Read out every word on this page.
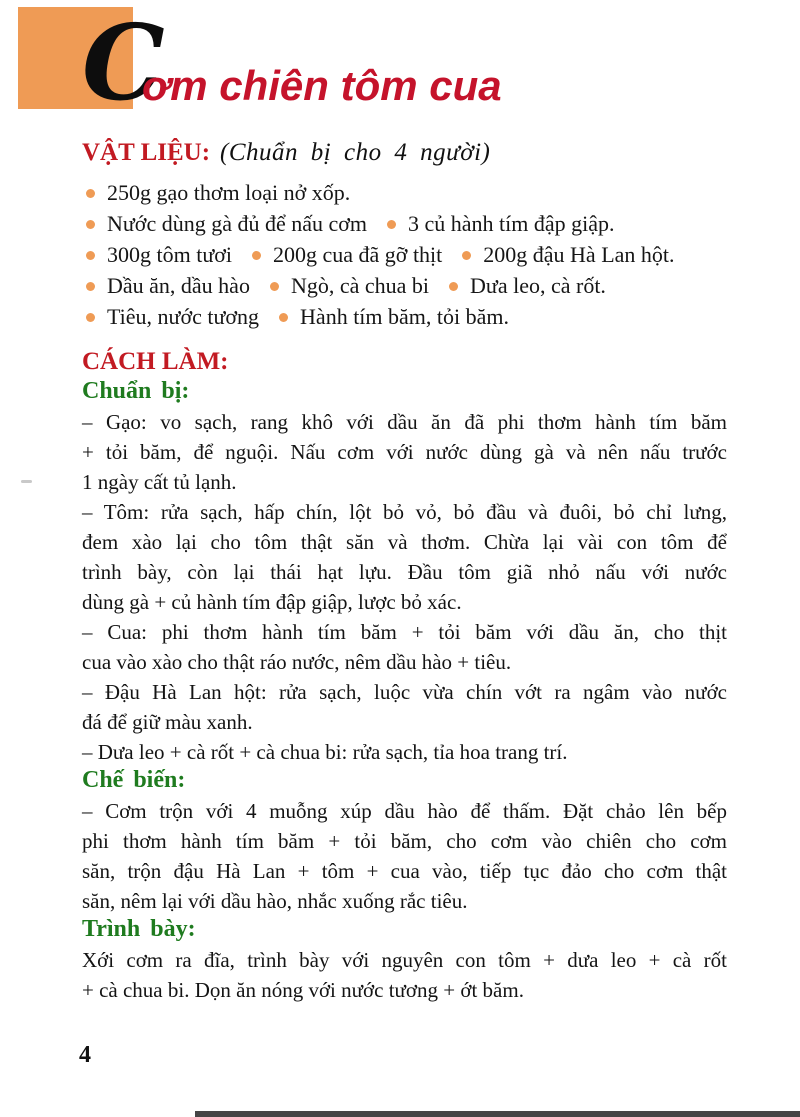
C
ơm chiên tôm cua
VẬT LIỆU: (Chuẩn bị cho 4 người)
250g gạo thơm loại nở xốp.
Nước dùng gà đủ để nấu cơm 3 củ hành tím đập giập.
300g tôm tươi 200g cua đã gỡ thịt 200g đậu Hà Lan hột.
Dầu ăn, dầu hào Ngò, cà chua bi Dưa leo, cà rốt.
Tiêu, nước tương Hành tím băm, tỏi băm.
CÁCH LÀM:
Chuẩn bị:
– Gạo: vo sạch, rang khô với dầu ăn đã phi thơm hành tím băm
+ tỏi băm, để nguội. Nấu cơm với nước dùng gà và nên nấu trước
1 ngày cất tủ lạnh.
– Tôm: rửa sạch, hấp chín, lột bỏ vỏ, bỏ đầu và đuôi, bỏ chỉ lưng,
đem xào lại cho tôm thật săn và thơm. Chừa lại vài con tôm để
trình bày, còn lại thái hạt lựu. Đầu tôm giã nhỏ nấu với nước
dùng gà + củ hành tím đập giập, lược bỏ xác.
– Cua: phi thơm hành tím băm + tỏi băm với dầu ăn, cho thịt
cua vào xào cho thật ráo nước, nêm dầu hào + tiêu.
– Đậu Hà Lan hột: rửa sạch, luộc vừa chín vớt ra ngâm vào nước
đá để giữ màu xanh.
– Dưa leo + cà rốt + cà chua bi: rửa sạch, tỉa hoa trang trí.
Chế biến:
– Cơm trộn với 4 muỗng xúp dầu hào để thấm. Đặt chảo lên bếp
phi thơm hành tím băm + tỏi băm, cho cơm vào chiên cho cơm
săn, trộn đậu Hà Lan + tôm + cua vào, tiếp tục đảo cho cơm thật
săn, nêm lại với dầu hào, nhắc xuống rắc tiêu.
Trình bày:
Xới cơm ra đĩa, trình bày với nguyên con tôm + dưa leo + cà rốt
+ cà chua bi. Dọn ăn nóng với nước tương + ớt băm.
4
